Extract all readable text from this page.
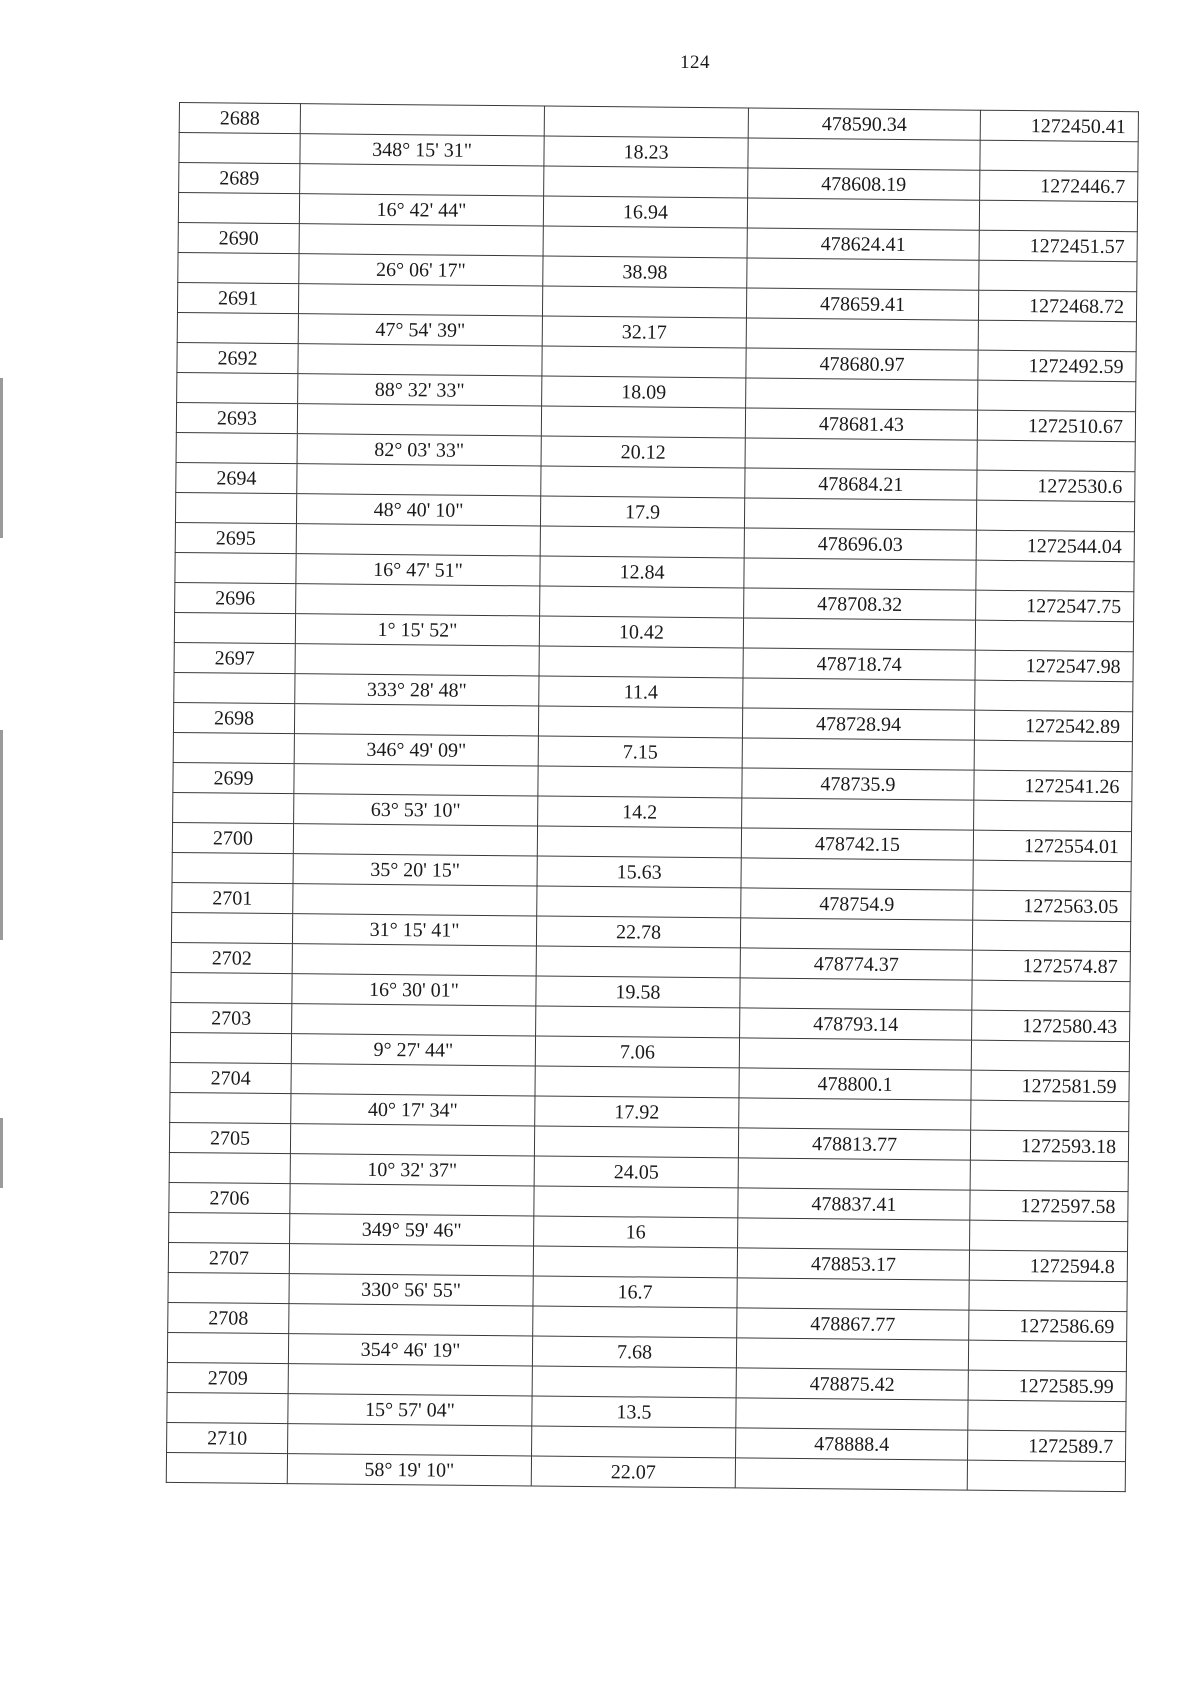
124
2688			478590.34	1272450.41
	348° 15' 31"	18.23		
2689			478608.19	1272446.7
	16° 42' 44"	16.94		
2690			478624.41	1272451.57
	26° 06' 17"	38.98		
2691			478659.41	1272468.72
	47° 54' 39"	32.17		
2692			478680.97	1272492.59
	88° 32' 33"	18.09		
2693			478681.43	1272510.67
	82° 03' 33"	20.12		
2694			478684.21	1272530.6
	48° 40' 10"	17.9		
2695			478696.03	1272544.04
	16° 47' 51"	12.84		
2696			478708.32	1272547.75
	1° 15' 52"	10.42		
2697			478718.74	1272547.98
	333° 28' 48"	11.4		
2698			478728.94	1272542.89
	346° 49' 09"	7.15		
2699			478735.9	1272541.26
	63° 53' 10"	14.2		
2700			478742.15	1272554.01
	35° 20' 15"	15.63		
2701			478754.9	1272563.05
	31° 15' 41"	22.78		
2702			478774.37	1272574.87
	16° 30' 01"	19.58		
2703			478793.14	1272580.43
	9° 27' 44"	7.06		
2704			478800.1	1272581.59
	40° 17' 34"	17.92		
2705			478813.77	1272593.18
	10° 32' 37"	24.05		
2706			478837.41	1272597.58
	349° 59' 46"	16		
2707			478853.17	1272594.8
	330° 56' 55"	16.7		
2708			478867.77	1272586.69
	354° 46' 19"	7.68		
2709			478875.42	1272585.99
	15° 57' 04"	13.5		
2710			478888.4	1272589.7
	58° 19' 10"	22.07		
